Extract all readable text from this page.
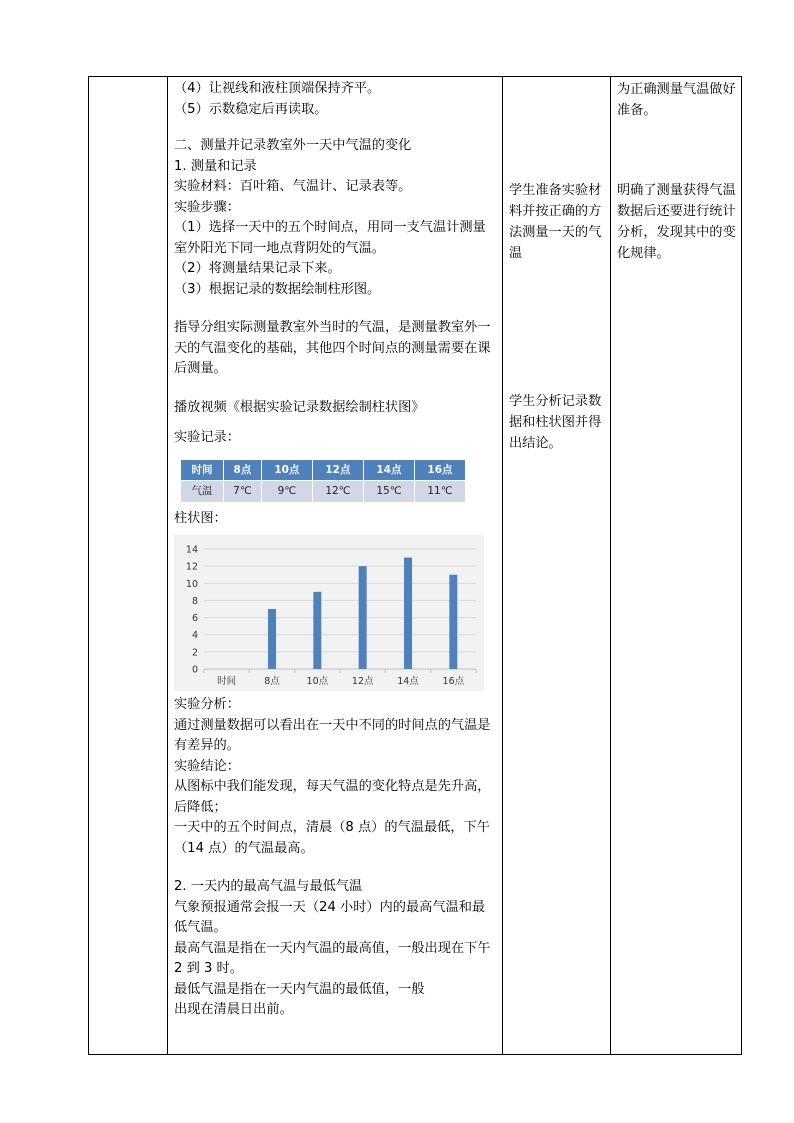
（4）让视线和液柱顶端保持齐平。

（5）示数稳定后再读取。

二、测量并记录教室外一天中气温的变化

1. 测量和记录

实验材料：百叶箱、气温计、记录表等。

实验步骤：

（1）选择一天中的五个时间点，用同一支气温计测量室外阳光下同一地点背阴处的气温。

（2）将测量结果记录下来。

（3）根据记录的数据绘制柱形图。

指导分组实际测量教室外当时的气温，是测量教室外一天的气温变化的基础，其他四个时间点的测量需要在课后测量。

播放视频《根据实验记录数据绘制柱状图》

实验记录：

时间	8点	10点	12点	14点	16点
气温	7℃	9℃	12℃	15℃	11℃

柱状图：

0
2
4
6
8
10
12
14
时间	8点	10点 12点 14点 16点

实验分析：

通过测量数据可以看出在一天中不同的时间点的气温是有差异的。

实验结论：

从图标中我们能发现，每天气温的变化特点是先升高，后降低；

一天中的五个时间点，清晨（8 点）的气温最低，下午（14 点）的气温最高。

2. 一天内的最高气温与最低气温

气象预报通常会报一天（24 小时）内的最高气温和最低气温。

最高气温是指在一天内气温的最高值，一般出现在下午 2 到 3 时。

最低气温是指在一天内气温的最低值，一般

出现在清晨日出前。

学生准备实验材料并按正确的方法测量一天的气温

学生分析记录数据和柱状图并得出结论。

为正确测量气温做好准备。

明确了测量获得气温数据后还要进行统计分析，发现其中的变化规律。
